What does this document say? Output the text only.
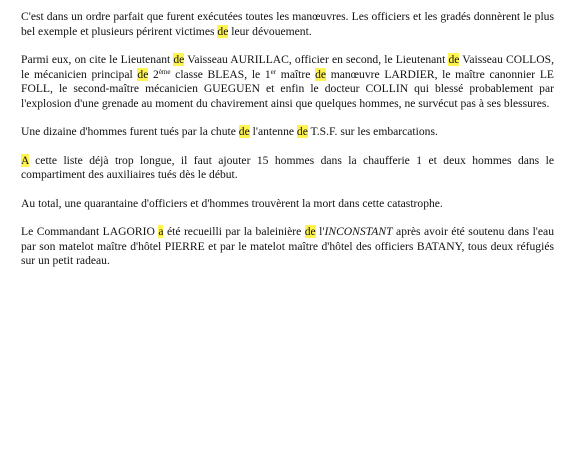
C'est dans un ordre parfait que furent exécutées toutes les manœuvres. Les officiers et les gradés donnèrent le plus bel exemple et plusieurs périrent victimes de leur dévouement.

Parmi eux, on cite le Lieutenant de Vaisseau AURILLAC, officier en second, le Lieutenant de Vaisseau COLLOS, le mécanicien principal de 2ème classe BLEAS, le 1er maître de manœuvre LARDIER, le maître canonnier LE FOLL, le second-maître mécanicien GUEGUEN et enfin le docteur COLLIN qui blessé probablement par l'explosion d'une grenade au moment du chavirement ainsi que quelques hommes, ne survécut pas à ses blessures.

Une dizaine d'hommes furent tués par la chute de l'antenne de T.S.F. sur les embarcations.

A cette liste déjà trop longue, il faut ajouter 15 hommes dans la chaufferie 1 et deux hommes dans le compartiment des auxiliaires tués dès le début.

Au total, une quarantaine d'officiers et d'hommes trouvèrent la mort dans cette catastrophe.

Le Commandant LAGORIO a été recueilli par la baleinière de l'INCONSTANT après avoir été soutenu dans l'eau par son matelot maître d'hôtel PIERRE et par le matelot maître d'hôtel des officiers BATANY, tous deux réfugiés sur un petit radeau.
